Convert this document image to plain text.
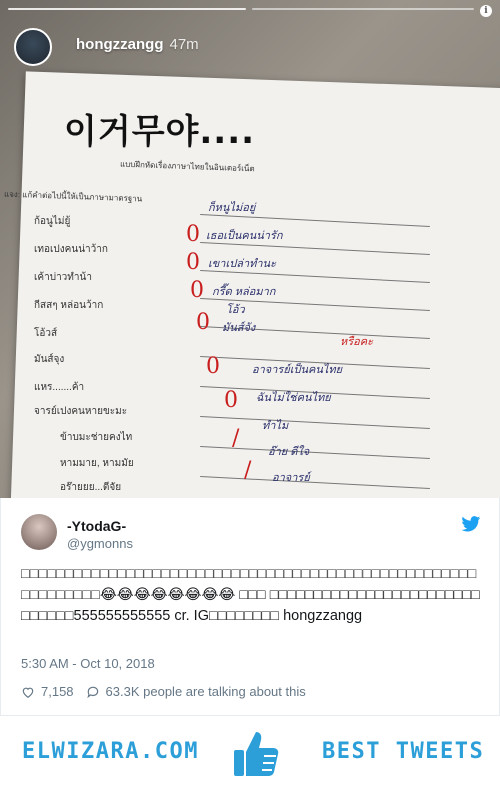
i
hongzzangg 47m
이거무야....
แบบฝึกหัดเรื่องภาษาไทยในอินเตอร์เน็ต
แจง: แก้คำต่อไปนี้ให้เป็นภาษามาตรฐาน
ก้อนูไม่ยู้
เทอเปงคนน่าว้าก
เค้าบ่าวทำน้า
กีสสๆ หล่อนว้าก
โอ้วส์
มันส์จุง
แหร.......ค้า
จารย์เปงคนหายขะมะ
ข้าบมะช่ายคงไท
หามมาย, หามมัย
อร๊ายยย...ตีจัย
0
0
0
0
0
0
/
/
ก็หนูไม่อยู่
เธอเป็นคนน่ารัก
เขาเปล่าทำนะ
กรี๊ด หล่อมาก
โอ้ว
มันส์จัง
หรือคะ
อาจารย์เป็นคนไทย
ฉันไม่ใช่คนไทย
ทำไม
อ๊าย ดีใจ
อาจารย์
-YtodaG-
@ygmonns
□□□□□□□□□□□□□□□□□□□□□□□□□□□□□□□□□□□□□□□□□□□□□□□□□□□□□□□□□□□□□😂😂😂😂😂😂😂😂 □□□ □□□□□□□□□□□□□□□□□□□□□□□□□□□□□□555555555555 cr. IG□□□□□□□□ hongzzangg
5:30 AM - Oct 10, 2018
7,158 63.3K people are talking about this
ELWIZARA.COM	BEST TWEETS
